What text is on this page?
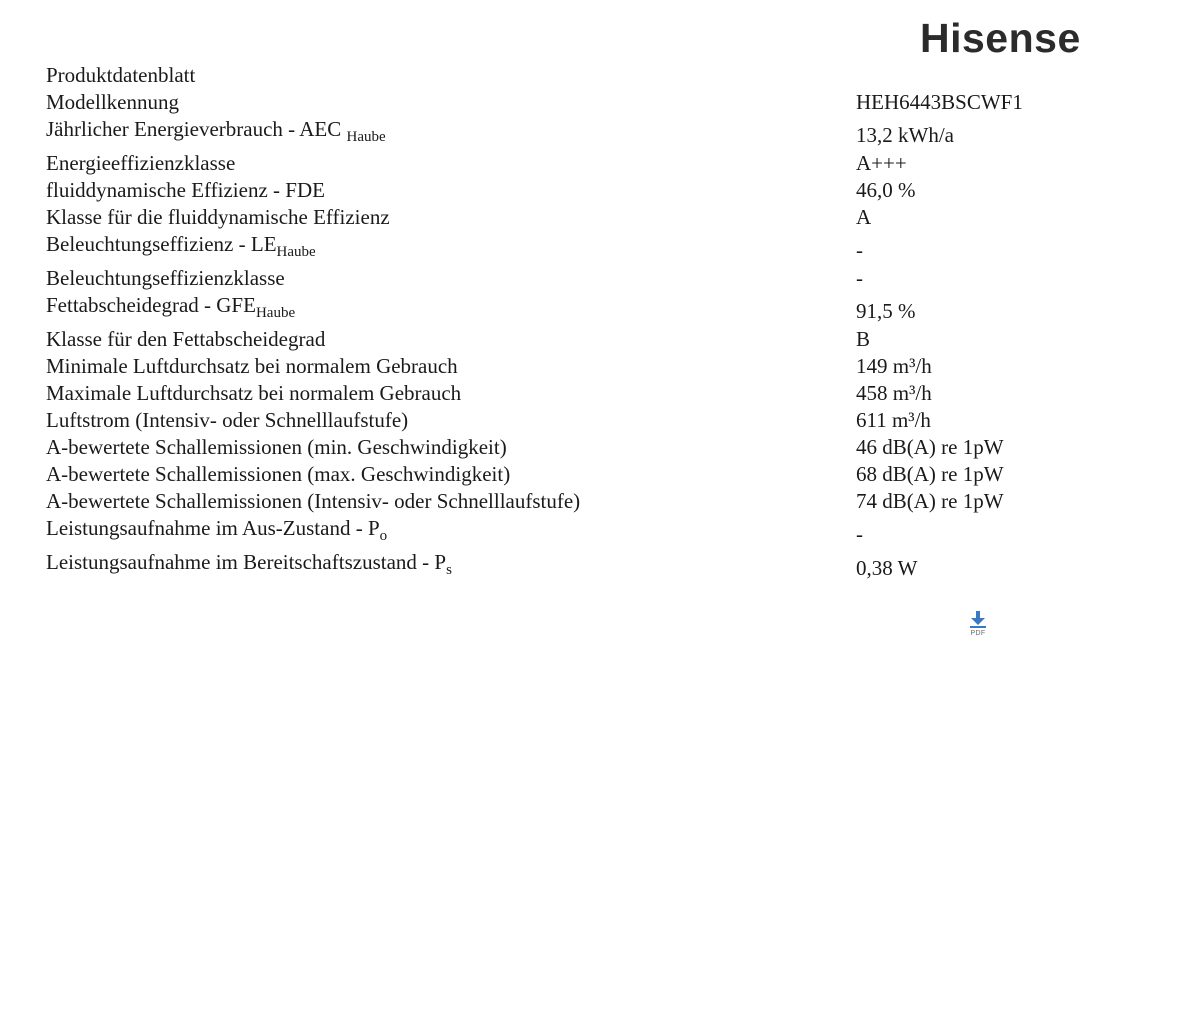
Hisense
Produktdatenblatt
Modellkennung	HEH6443BSCWF1
Jährlicher Energieverbrauch - AEC $_{Haube}$	13,2 kWh/a
Energieeffizienzklasse	A+++
fluiddynamische Effizienz - FDE	46,0 %
Klasse für die fluiddynamische Effizienz	A
Beleuchtungseffizienz - $LE_{Haube}$	-
Beleuchtungseffizienzklasse	-
Fettabscheidegrad - $GFE_{Haube}$	91,5 %
Klasse für den Fettabscheidegrad	B
Minimale Luftdurchsatz bei normalem Gebrauch	149 m³/h
Maximale Luftdurchsatz bei normalem Gebrauch	458 m³/h
Luftstrom (Intensiv- oder Schnelllaufstufe)	611 m³/h
A-bewertete Schallemissionen (min. Geschwindigkeit)	46 dB(A) re 1pW
A-bewertete Schallemissionen (max. Geschwindigkeit)	68 dB(A) re 1pW
A-bewertete Schallemissionen (Intensiv- oder Schnelllaufstufe)	74 dB(A) re 1pW
Leistungsaufnahme im $Aus-Zustand - P_o$	-
Leistungsaufnahme im Bereitschaftszustand - $P_s$	0,38 W
PDF
